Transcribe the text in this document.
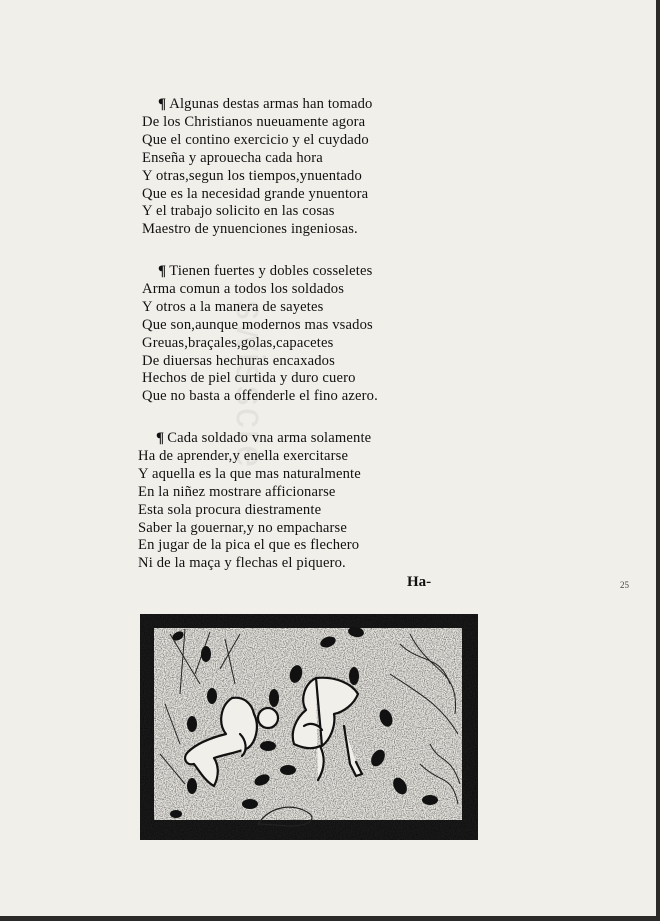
swisscre
¶ Algunas destas armas han tomado
De los Christianos nueuamente agora
Que el contino exercicio y el cuydado
Enseña y aprouecha cada hora
Y otras,segun los tiempos,ynuentado
Que es la necesidad grande ynuentora
Y el trabajo solicito en las cosas
Maestro de ynuenciones ingeniosas.
¶ Tienen fuertes y dobles cosseletes
Arma comun a todos los soldados
Y otros a la manera de sayetes
Que son,aunque modernos mas vsados
Greuas,braçales,golas,capacetes
De diuersas hechuras encaxados
Hechos de piel curtida y duro cuero
Que no basta a offenderle el fino azero.
¶ Cada soldado vna arma solamente
Ha de aprender,y enella exercitarse
Y aquella es la que mas naturalmente
En la niñez mostrare afficionarse
Esta sola procura diestramente
Saber la gouernar,y no empacharse
En jugar de la pica el que es flechero
Ni de la maça y flechas el piquero.
Ha-	25
